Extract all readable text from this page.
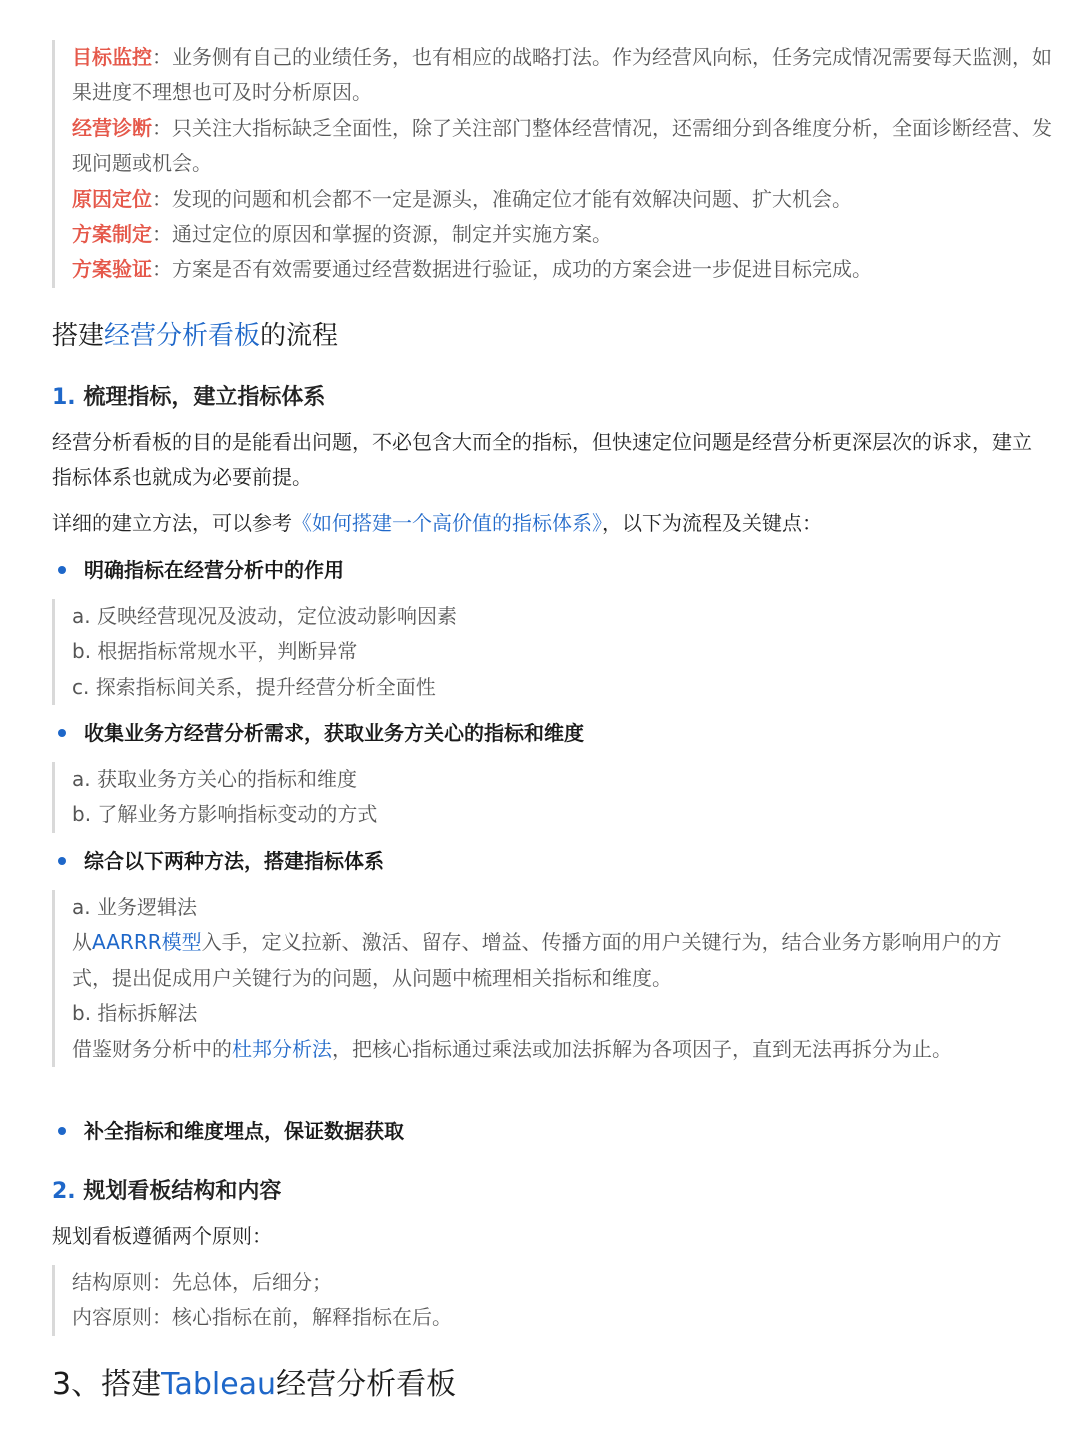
目标监控：业务侧有自己的业绩任务，也有相应的战略打法。作为经营风向标，任务完成情况需要每天监测，如果进度不理想也可及时分析原因。
经营诊断：只关注大指标缺乏全面性，除了关注部门整体经营情况，还需细分到各维度分析，全面诊断经营、发现问题或机会。
原因定位：发现的问题和机会都不一定是源头，准确定位才能有效解决问题、扩大机会。
方案制定：通过定位的原因和掌握的资源，制定并实施方案。
方案验证：方案是否有效需要通过经营数据进行验证，成功的方案会进一步促进目标完成。
搭建经营分析看板的流程
1. 梳理指标，建立指标体系
经营分析看板的目的是能看出问题，不必包含大而全的指标，但快速定位问题是经营分析更深层次的诉求，建立指标体系也就成为必要前提。
详细的建立方法，可以参考《如何搭建一个高价值的指标体系》，以下为流程及关键点：
明确指标在经营分析中的作用
a. 反映经营现况及波动，定位波动影响因素
b. 根据指标常规水平，判断异常
c. 探索指标间关系，提升经营分析全面性
收集业务方经营分析需求，获取业务方关心的指标和维度
a. 获取业务方关心的指标和维度
b. 了解业务方影响指标变动的方式
综合以下两种方法，搭建指标体系
a. 业务逻辑法
从AARRR模型入手，定义拉新、激活、留存、增益、传播方面的用户关键行为，结合业务方影响用户的方式，提出促成用户关键行为的问题，从问题中梳理相关指标和维度。
b. 指标拆解法
借鉴财务分析中的杜邦分析法，把核心指标通过乘法或加法拆解为各项因子，直到无法再拆分为止。
补全指标和维度埋点，保证数据获取
2. 规划看板结构和内容
规划看板遵循两个原则：
结构原则：先总体，后细分；
内容原则：核心指标在前，解释指标在后。
3、搭建Tableau经营分析看板
